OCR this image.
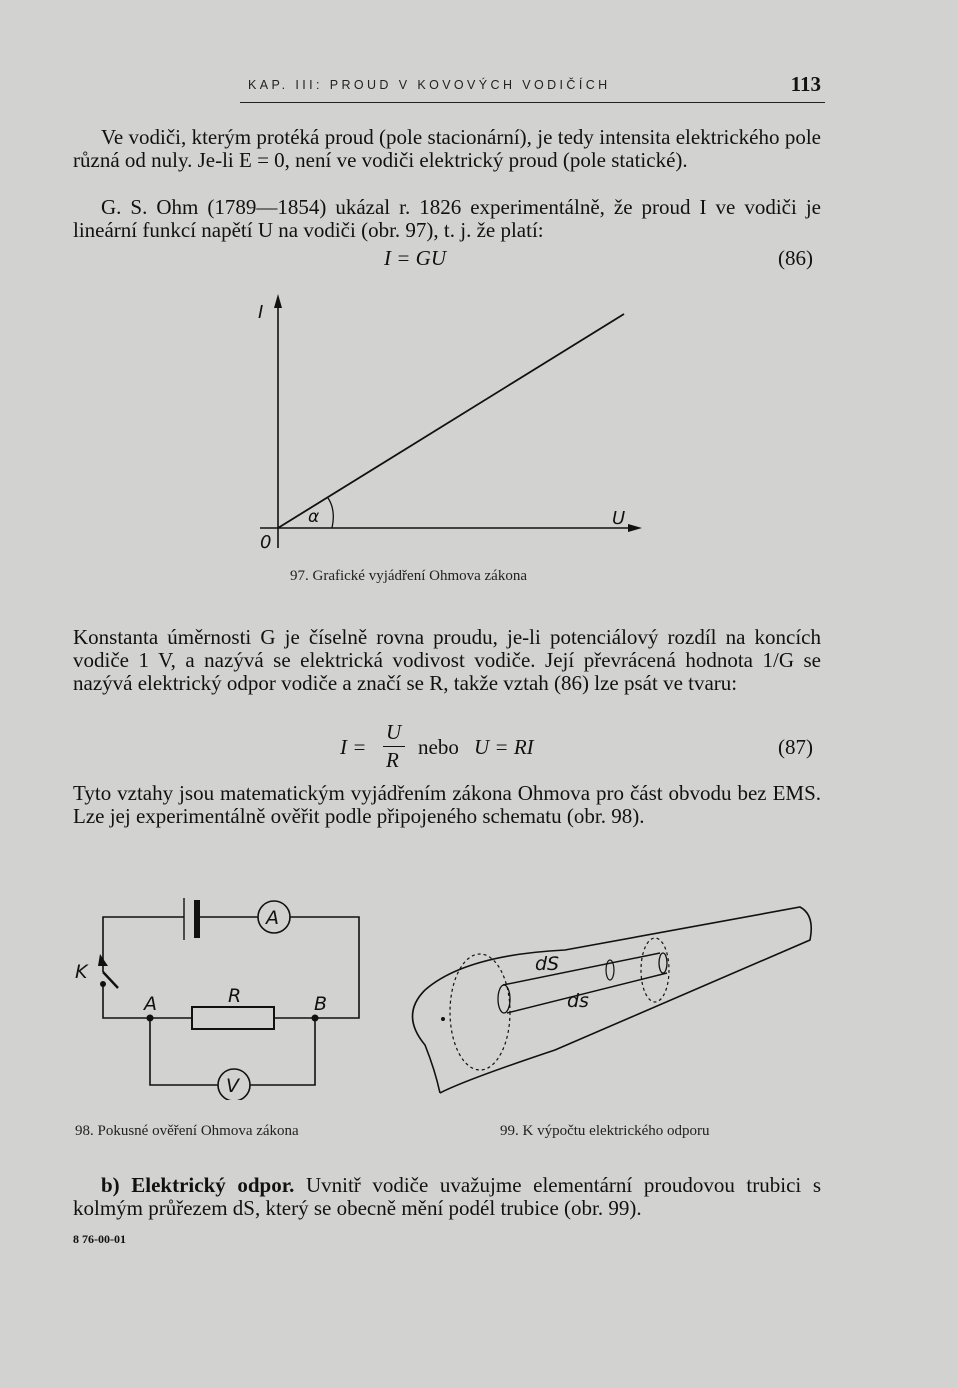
KAP. III: PROUD V KOVOVÝCH VODIČÍCH	113

Ve vodiči, kterým protéká proud (pole stacionární), je tedy intensita elektrického pole různá od nuly. Je-li E = 0, není ve vodiči elektrický proud (pole statické).

G. S. Ohm (1789—1854) ukázal r. 1826 experimentálně, že proud I ve vodiči je lineární funkcí napětí U na vodiči (obr. 97), t. j. že platí:

I = GU	(86)
I
U
0
α
97. Grafické vyjádření Ohmova zákona

Konstanta úměrnosti G je číselně rovna proudu, je-li potenciálový rozdíl na koncích vodiče 1 V, a nazývá se elektrická vodivost vodiče. Její převrácená hodnota 1/G se nazývá elektrický odpor vodiče a značí se R, takže vztah (86) lze psát ve tvaru:

I =
U
R
nebo U = RI	(87)

Tyto vztahy jsou matematickým vyjádřením zákona Ohmova pro část obvodu bez EMS. Lze jej experimentálně ověřit podle připojeného schematu (obr. 98).

A
V
K
R
A	B
98. Pokusné ověření Ohmova zákona
dS
ds
99. K výpočtu elektrického odporu

b) Elektrický odpor. Uvnitř vodiče uvažujme elementární proudovou trubici s kolmým průřezem dS, který se obecně mění podél trubice (obr. 99).

8 76-00-01
